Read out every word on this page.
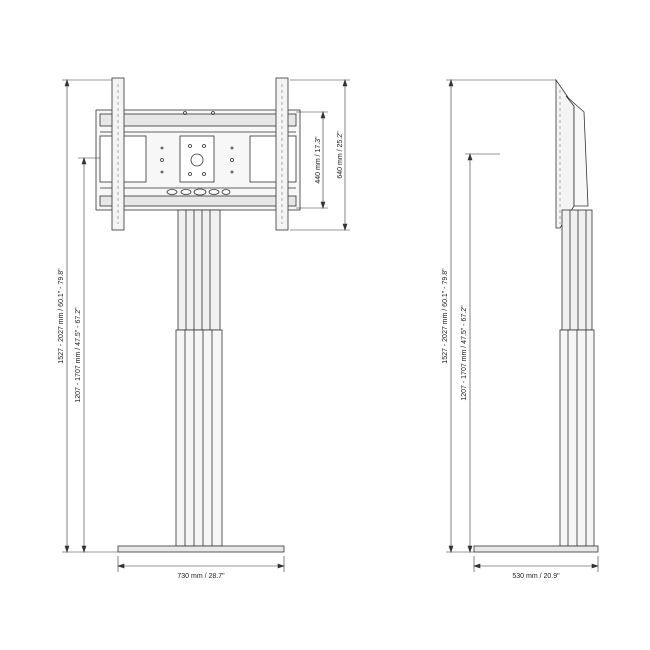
1527 - 2027 mm / 60.1" - 79.8" 1207 - 1707 mm / 47.5" - 67.2"
440 mm / 17.3" 640 mm / 25.2"
730 mm / 28.7"
1527 - 2027 mm / 60.1" - 79.8" 1207 - 1707 mm / 47.5" - 67.2"
530 mm / 20.9"
